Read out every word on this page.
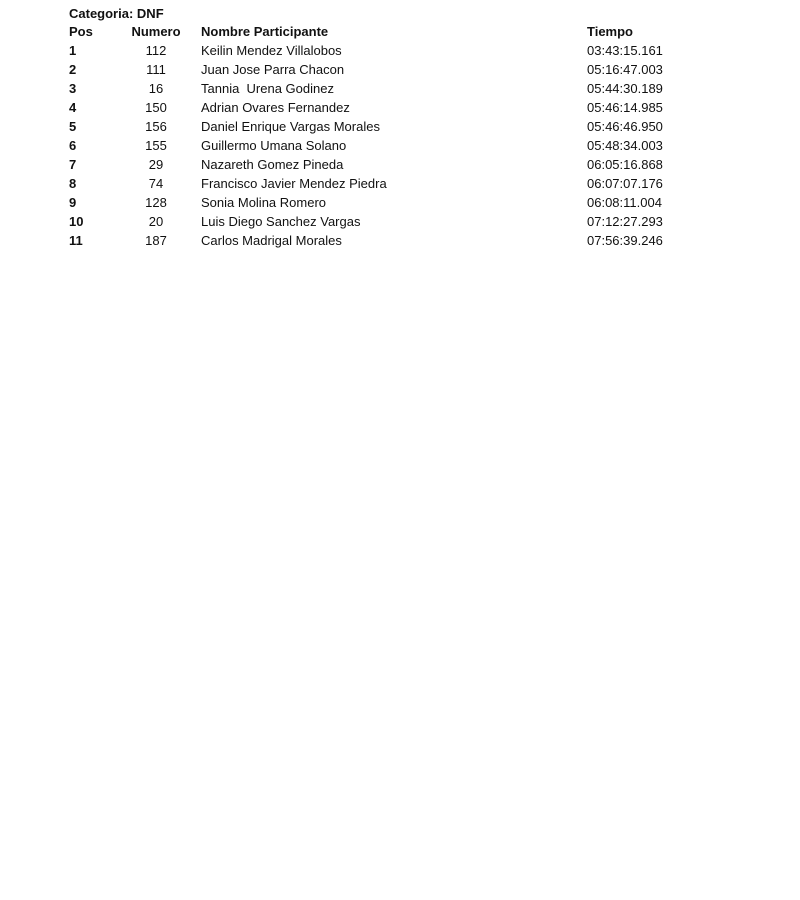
Categoria: DNF
Pos	Numero	Nombre Participante	Tiempo
1	112	Keilin Mendez Villalobos	03:43:15.161
2	111	Juan Jose Parra Chacon	05:16:47.003
3	16	Tannia  Urena Godinez	05:44:30.189
4	150	Adrian Ovares Fernandez	05:46:14.985
5	156	Daniel Enrique Vargas Morales	05:46:46.950
6	155	Guillermo Umana Solano	05:48:34.003
7	29	Nazareth Gomez Pineda	06:05:16.868
8	74	Francisco Javier Mendez Piedra	06:07:07.176
9	128	Sonia Molina Romero	06:08:11.004
10	20	Luis Diego Sanchez Vargas	07:12:27.293
11	187	Carlos Madrigal Morales	07:56:39.246
